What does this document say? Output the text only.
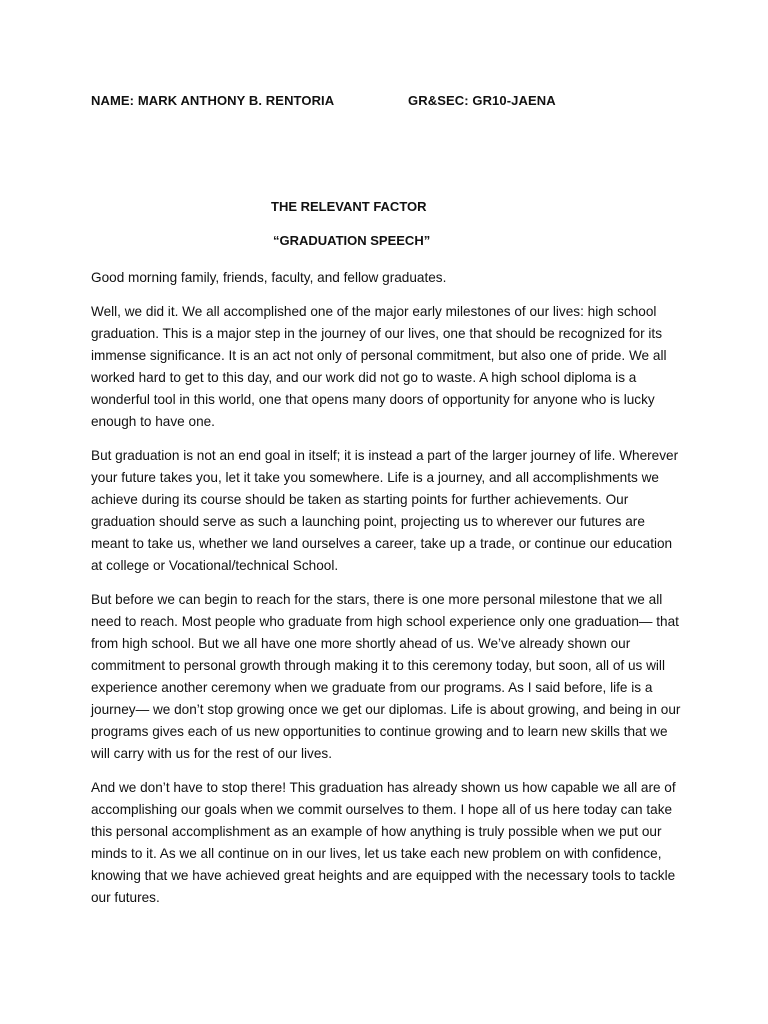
NAME: MARK ANTHONY B. RENTORIA	GR&SEC: GR10-JAENA
THE RELEVANT FACTOR
“GRADUATION SPEECH”

Good morning family, friends, faculty, and fellow graduates.

Well, we did it. We all accomplished one of the major early milestones of our lives: high school graduation. This is a major step in the journey of our lives, one that should be recognized for its immense significance. It is an act not only of personal commitment, but also one of pride. We all worked hard to get to this day, and our work did not go to waste. A high school diploma is a wonderful tool in this world, one that opens many doors of opportunity for anyone who is lucky enough to have one.

But graduation is not an end goal in itself; it is instead a part of the larger journey of life. Wherever your future takes you, let it take you somewhere. Life is a journey, and all accomplishments we achieve during its course should be taken as starting points for further achievements. Our graduation should serve as such a launching point, projecting us to wherever our futures are meant to take us, whether we land ourselves a career, take up a trade, or continue our education at college or Vocational/technical School.

But before we can begin to reach for the stars, there is one more personal milestone that we all need to reach. Most people who graduate from high school experience only one graduation— that from high school. But we all have one more shortly ahead of us. We’ve already shown our commitment to personal growth through making it to this ceremony today, but soon, all of us will experience another ceremony when we graduate from our programs. As I said before, life is a journey— we don’t stop growing once we get our diplomas. Life is about growing, and being in our programs gives each of us new opportunities to continue growing and to learn new skills that we will carry with us for the rest of our lives.

And we don’t have to stop there! This graduation has already shown us how capable we all are of accomplishing our goals when we commit ourselves to them. I hope all of us here today can take this personal accomplishment as an example of how anything is truly possible when we put our minds to it. As we all continue on in our lives, let us take each new problem on with confidence, knowing that we have achieved great heights and are equipped with the necessary tools to tackle our futures.
